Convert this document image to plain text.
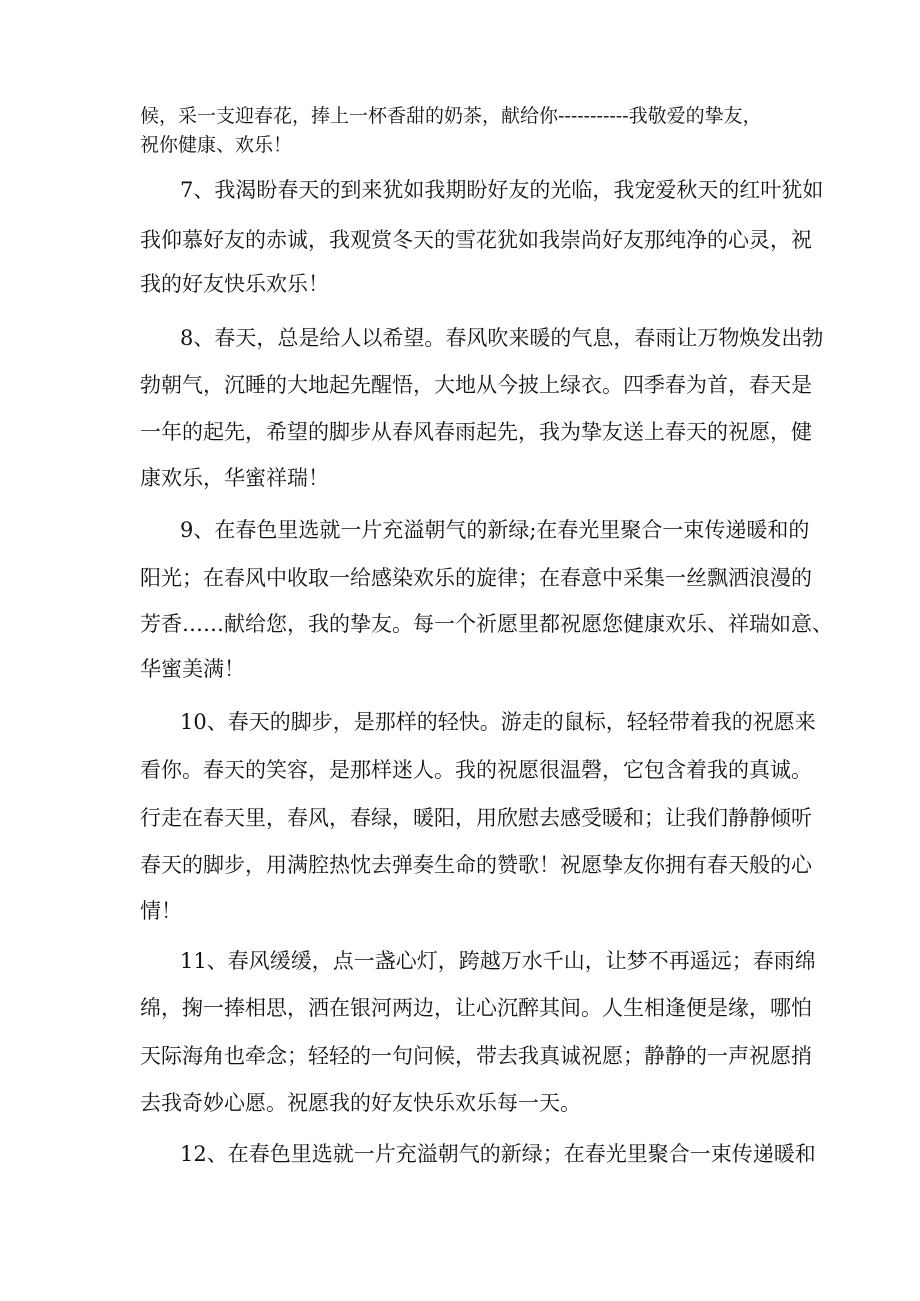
候，采一支迎春花，捧上一杯香甜的奶茶，献给你-----------我敬爱的挚友，
祝你健康、欢乐！
7、我渴盼春天的到来犹如我期盼好友的光临，我宠爱秋天的红叶犹如
我仰慕好友的赤诚，我观赏冬天的雪花犹如我崇尚好友那纯净的心灵，祝
我的好友快乐欢乐！
8、春天，总是给人以希望。春风吹来暖的气息，春雨让万物焕发出勃
勃朝气，沉睡的大地起先醒悟，大地从今披上绿衣。四季春为首，春天是
一年的起先，希望的脚步从春风春雨起先，我为挚友送上春天的祝愿，健
康欢乐，华蜜祥瑞！
9、在春色里选就一片充溢朝气的新绿;在春光里聚合一束传递暖和的
阳光；在春风中收取一给感染欢乐的旋律；在春意中采集一丝飘洒浪漫的
芳香……献给您，我的挚友。每一个祈愿里都祝愿您健康欢乐、祥瑞如意、
华蜜美满！
10、春天的脚步，是那样的轻快。游走的鼠标，轻轻带着我的祝愿来
看你。春天的笑容，是那样迷人。我的祝愿很温磬，它包含着我的真诚。
行走在春天里，春风，春绿，暖阳，用欣慰去感受暖和；让我们静静倾听
春天的脚步，用满腔热忱去弹奏生命的赞歌！祝愿挚友你拥有春天般的心
情！
11、春风缓缓，点一盏心灯，跨越万水千山，让梦不再遥远；春雨绵
绵，掬一捧相思，洒在银河两边，让心沉醉其间。人生相逢便是缘，哪怕
天际海角也牵念；轻轻的一句问候，带去我真诚祝愿；静静的一声祝愿捎
去我奇妙心愿。祝愿我的好友快乐欢乐每一天。
12、在春色里选就一片充溢朝气的新绿；在春光里聚合一束传递暖和
